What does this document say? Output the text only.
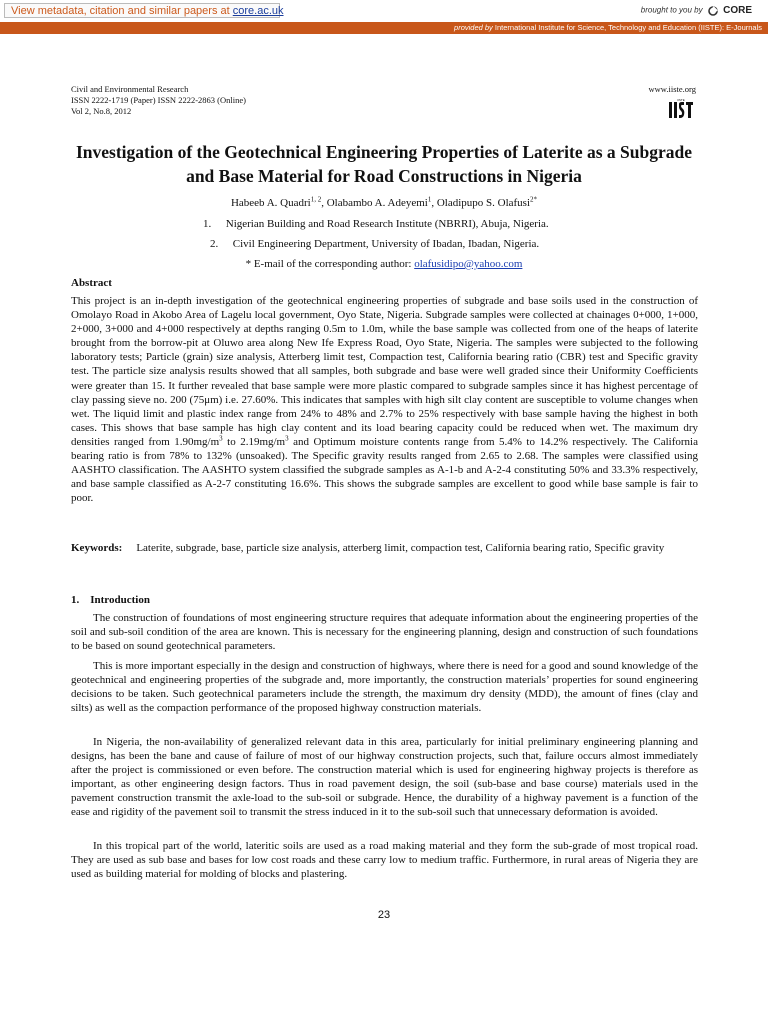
View metadata, citation and similar papers at core.ac.uk	brought to you by CORE
provided by International Institute for Science, Technology and Education (IISTE): E-Journals
Civil and Environmental Research
ISSN 2222-1719 (Paper) ISSN 2222-2863 (Online)
Vol 2, No.8, 2012
www.iiste.org
IISTE
Investigation of the Geotechnical Engineering Properties of Laterite as a Subgrade and Base Material for Road Constructions in Nigeria
Habeeb A. Quadri$^{1, 2}$, Olabambo A. Adeyemi$^1$, Oladipupo S. Olafusi$^{2*}$
1. Nigerian Building and Road Research Institute (NBRRI), Abuja, Nigeria.
2. Civil Engineering Department, University of Ibadan, Ibadan, Nigeria.
* E-mail of the corresponding author: olafusidipo@yahoo.com
Abstract

This project is an in-depth investigation of the geotechnical engineering properties of subgrade and base soils used in the construction of Omolayo Road in Akobo Area of Lagelu local government, Oyo State, Nigeria. Subgrade samples were collected at chainages 0+000, 1+000, 2+000, 3+000 and 4+000 respectively at depths ranging 0.5m to 1.0m, while the base sample was collected from one of the heaps of laterite brought from the borrow-pit at Oluwo area along New Ife Express Road, Oyo State, Nigeria. The samples were subjected to the following laboratory tests; Particle (grain) size analysis, Atterberg limit test, Compaction test, California bearing ratio (CBR) test and Specific gravity test. The particle size analysis results showed that all samples, both subgrade and base were well graded since their Uniformity Coefficients were greater than 15. It further revealed that base sample were more plastic compared to subgrade samples since it has highest percentage of clay passing sieve no. 200 (75μm) i.e. 27.60%. This indicates that samples with high silt clay content are susceptible to volume changes when wet. The liquid limit and plastic index range from 24% to 48% and 2.7% to 25% respectively with base sample having the highest in both cases. This shows that base sample has high clay content and its load bearing capacity could be reduced when wet. The maximum dry densities ranged from $1.90mg/m^3$ to $2.19mg/m^3$ and Optimum moisture contents range from 5.4% to 14.2% respectively. The California bearing ratio is from 78% to 132% (unsoaked). The Specific gravity results ranged from 2.65 to 2.68. The samples were classified using AASHTO classification. The AASHTO system classified the subgrade samples as A-1-b and A-2-4 constituting 50% and 33.3% respectively, and base sample classified as A-2-7 constituting 16.6%. This shows the subgrade samples are excellent to good while base sample is fair to poor.

Keywords: Laterite, subgrade, base, particle size analysis, atterberg limit, compaction test, California bearing ratio, Specific gravity

1.    Introduction

The construction of foundations of most engineering structure requires that adequate information about the engineering properties of the soil and sub-soil condition of the area are known. This is necessary for the engineering planning, design and construction of such foundations to be based on sound geotechnical parameters.

This is more important especially in the design and construction of highways, where there is need for a good and sound knowledge of the geotechnical and engineering properties of the subgrade and, more importantly, the construction materials’ properties for sound engineering decisions to be taken. Such geotechnical parameters include the strength, the maximum dry density (MDD), the amount of fines (clay and silts) as well as the compaction performance of the proposed highway construction materials.

In Nigeria, the non-availability of generalized relevant data in this area, particularly for initial preliminary engineering planning and designs, has been the bane and cause of failure of most of our highway construction projects, such that, failure occurs almost immediately after the project is commissioned or even before. The construction material which is used for engineering highway projects is therefore as important, as other engineering design factors. Thus in road pavement design, the soil (sub-base and base course) materials used in the pavement construction transmit the axle-load to the sub-soil or subgrade. Hence, the durability of a highway pavement is a function of the ease and rigidity of the pavement soil to transmit the stress induced in it to the sub-soil such that unnecessary deformation is avoided.

In this tropical part of the world, lateritic soils are used as a road making material and they form the sub-grade of most tropical road. They are used as sub base and bases for low cost roads and these carry low to medium traffic. Furthermore, in rural areas of Nigeria they are used as building material for molding of blocks and plastering.

23
